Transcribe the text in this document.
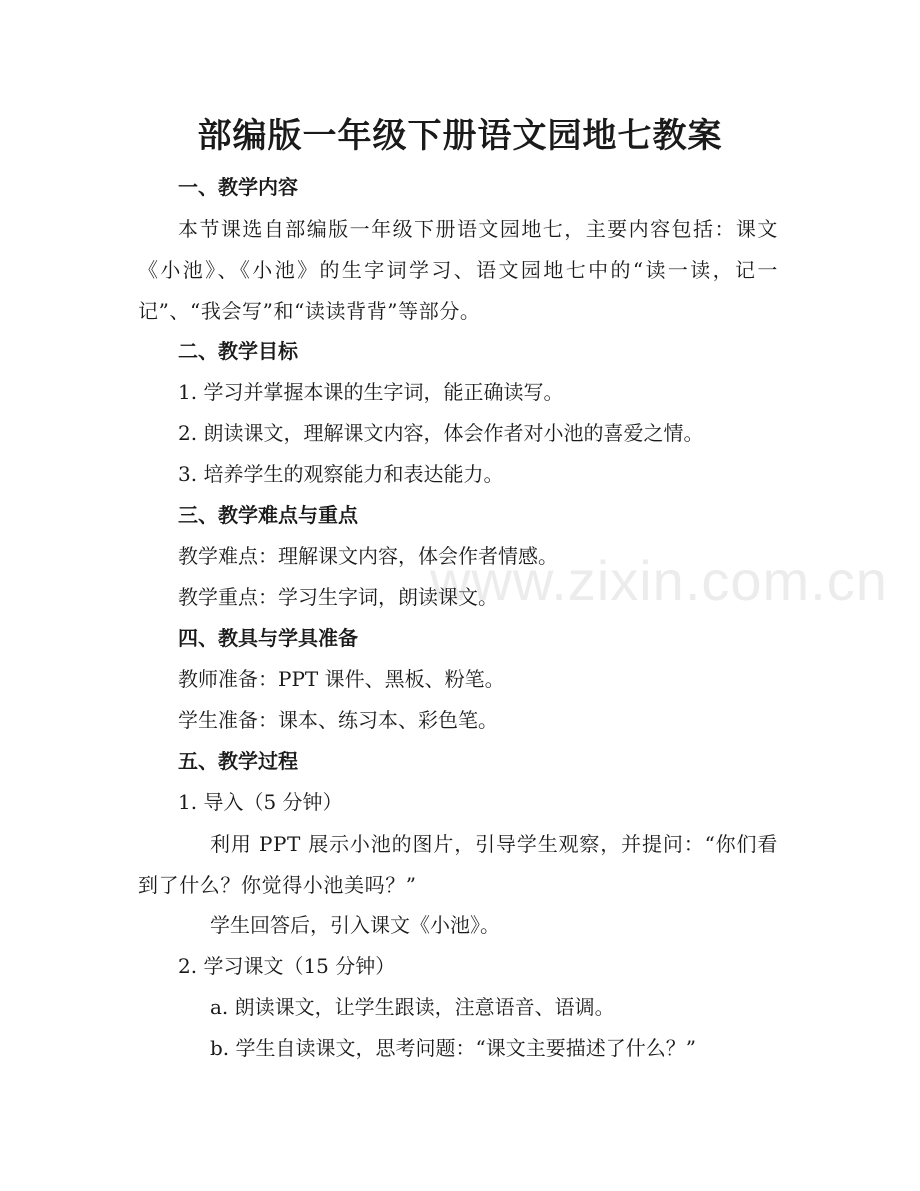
www.zixin.com.cn
部编版一年级下册语文园地七教案
一、教学内容
本节课选自部编版一年级下册语文园地七，主要内容包括：课文《小池》、《小池》的生字词学习、语文园地七中的“读一读，记一记”、“我会写”和“读读背背”等部分。
二、教学目标
1. 学习并掌握本课的生字词，能正确读写。
2. 朗读课文，理解课文内容，体会作者对小池的喜爱之情。
3. 培养学生的观察能力和表达能力。
三、教学难点与重点
教学难点：理解课文内容，体会作者情感。
教学重点：学习生字词，朗读课文。
四、教具与学具准备
教师准备：PPT 课件、黑板、粉笔。
学生准备：课本、练习本、彩色笔。
五、教学过程
1. 导入（5 分钟）
利用 PPT 展示小池的图片，引导学生观察，并提问：“你们看到了什么？你觉得小池美吗？”
学生回答后，引入课文《小池》。
2. 学习课文（15 分钟）
a. 朗读课文，让学生跟读，注意语音、语调。
b. 学生自读课文，思考问题：“课文主要描述了什么？”
